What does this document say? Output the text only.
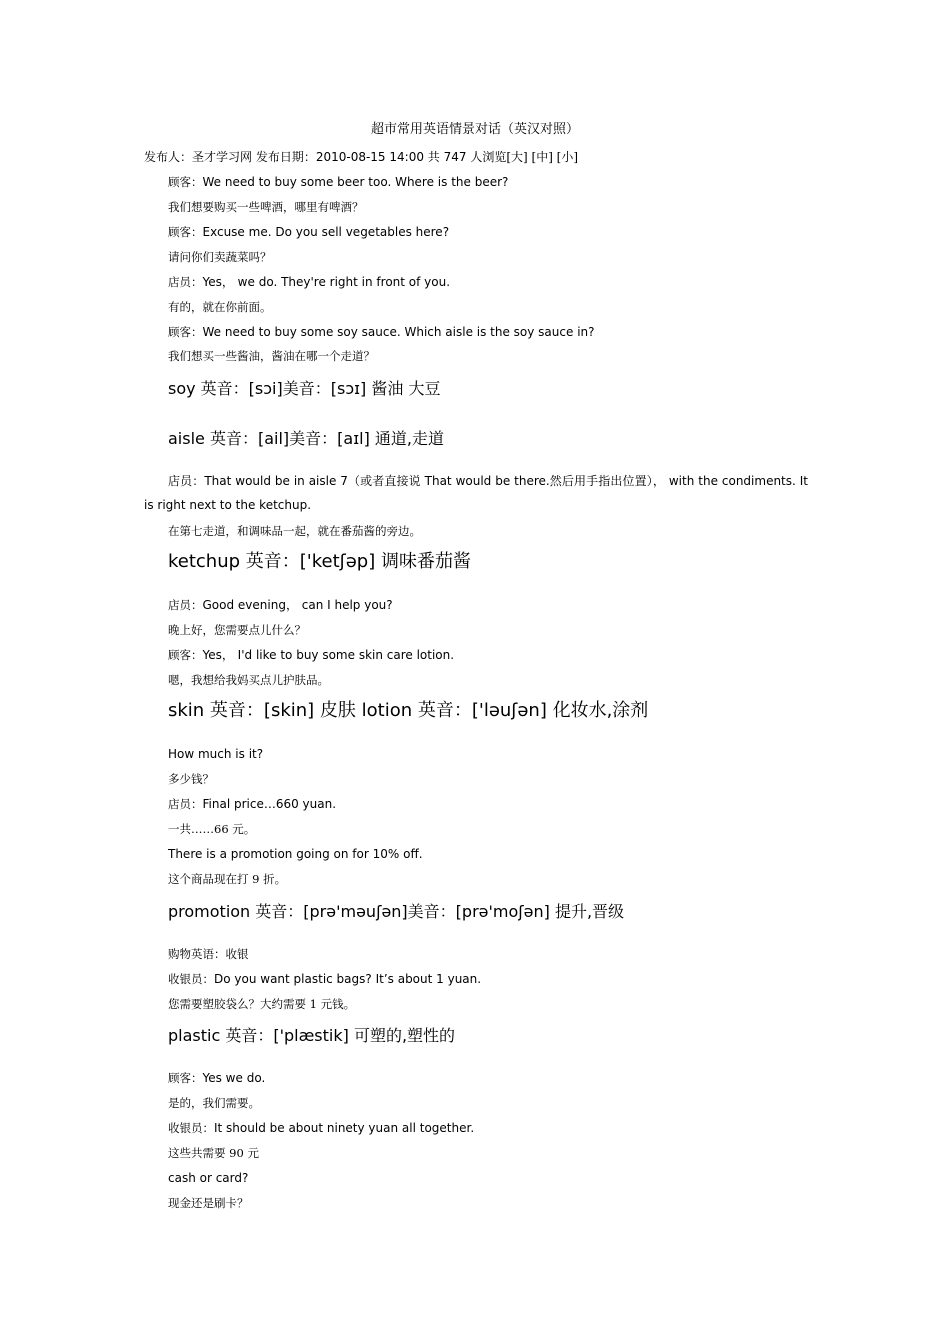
超市常用英语情景对话（英汉对照）
发布人：圣才学习网 发布日期：2010-08-15 14:00 共 747 人浏览[大] [中] [小]
顾客：We need to buy some beer too. Where is the beer?
我们想要购买一些啤酒，哪里有啤酒？
顾客：Excuse me. Do you sell vegetables here?
请问你们卖蔬菜吗？
店员：Yes， we do. They're right in front of you.
有的，就在你前面。
顾客：We need to buy some soy sauce. Which aisle is the soy sauce in?
我们想买一些酱油，酱油在哪一个走道？
soy 英音：[sɔi]美音：[sɔɪ] 酱油 大豆
aisle 英音：[ail]美音：[aɪl] 通道,走道
店员：That would be in aisle 7（或者直接说 That would be there.然后用手指出位置）， with the condiments. It is right next to the ketchup.
在第七走道，和调味品一起，就在番茄酱的旁边。
ketchup 英音：['ketʃəp] 调味番茄酱
店员：Good evening， can I help you?
晚上好，您需要点儿什么？
顾客：Yes， I'd like to buy some skin care lotion.
嗯，我想给我妈买点儿护肤品。
skin 英音：[skin] 皮肤 lotion 英音：['ləuʃən] 化妆水,涂剂
How much is it?
多少钱？
店员：Final price…660 yuan.
一共……66 元。
There is a promotion going on for 10% off.
这个商品现在打 9 折。
promotion 英音：[prə'məuʃən]美音：[prə'moʃən] 提升,晋级
购物英语：收银
收银员：Do you want plastic bags? It’s about 1 yuan.
您需要塑胶袋么？大约需要 1 元钱。
plastic 英音：['plæstik] 可塑的,塑性的
顾客：Yes we do.
是的，我们需要。
收银员：It should be about ninety yuan all together.
这些共需要 90 元
cash or card?
现金还是刷卡？
